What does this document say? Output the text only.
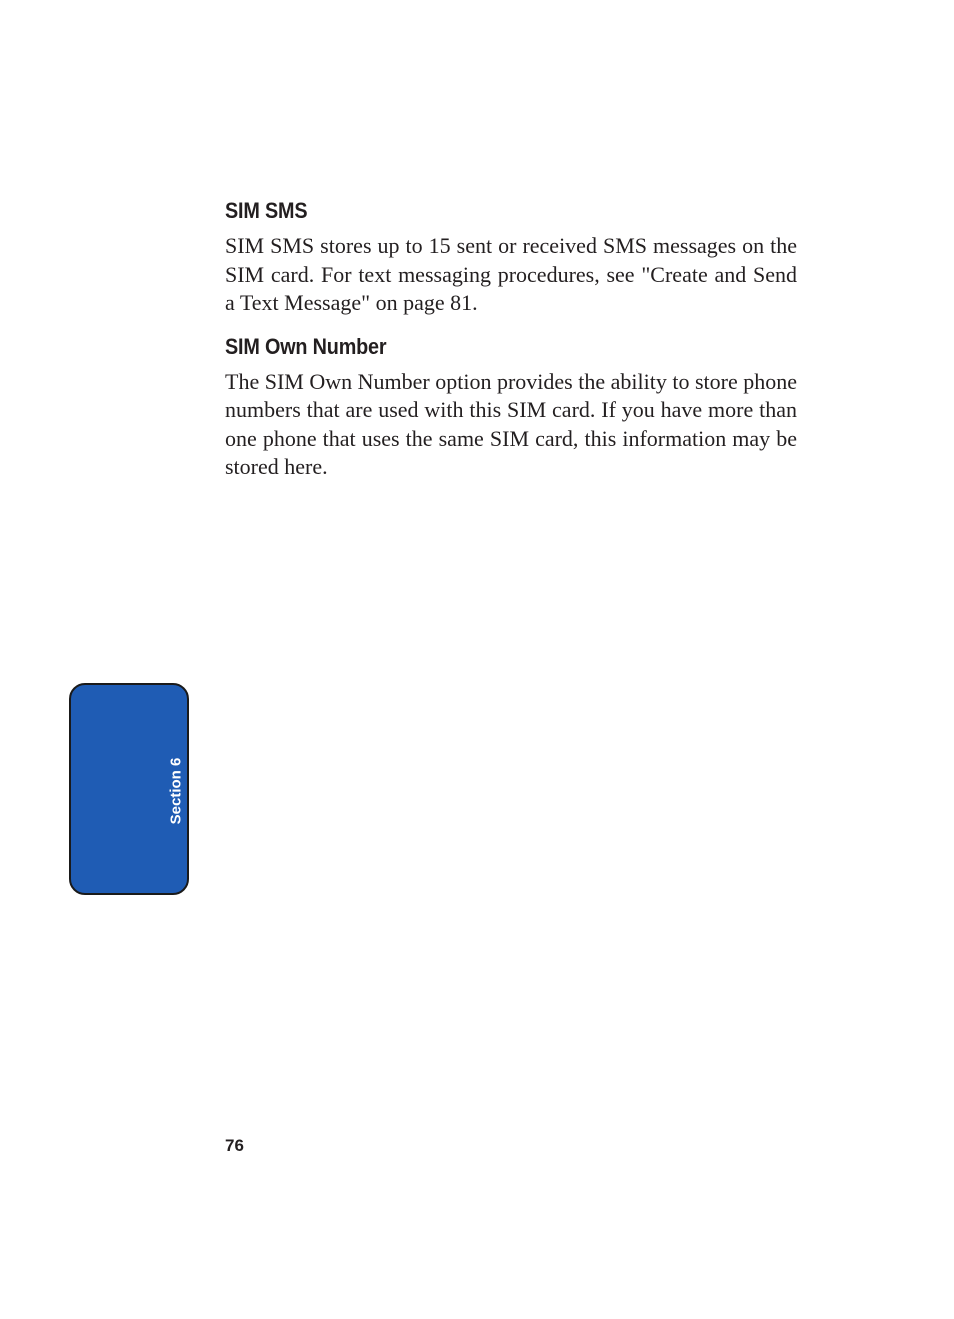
SIM SMS

SIM SMS stores up to 15 sent or received SMS messages on the SIM card. For text messaging procedures, see "Create and Send a Text Message" on page 81.

SIM Own Number

The SIM Own Number option provides the ability to store phone numbers that are used with this SIM card. If you have more than one phone that uses the same SIM card, this information may be stored here.

Section 6
76
